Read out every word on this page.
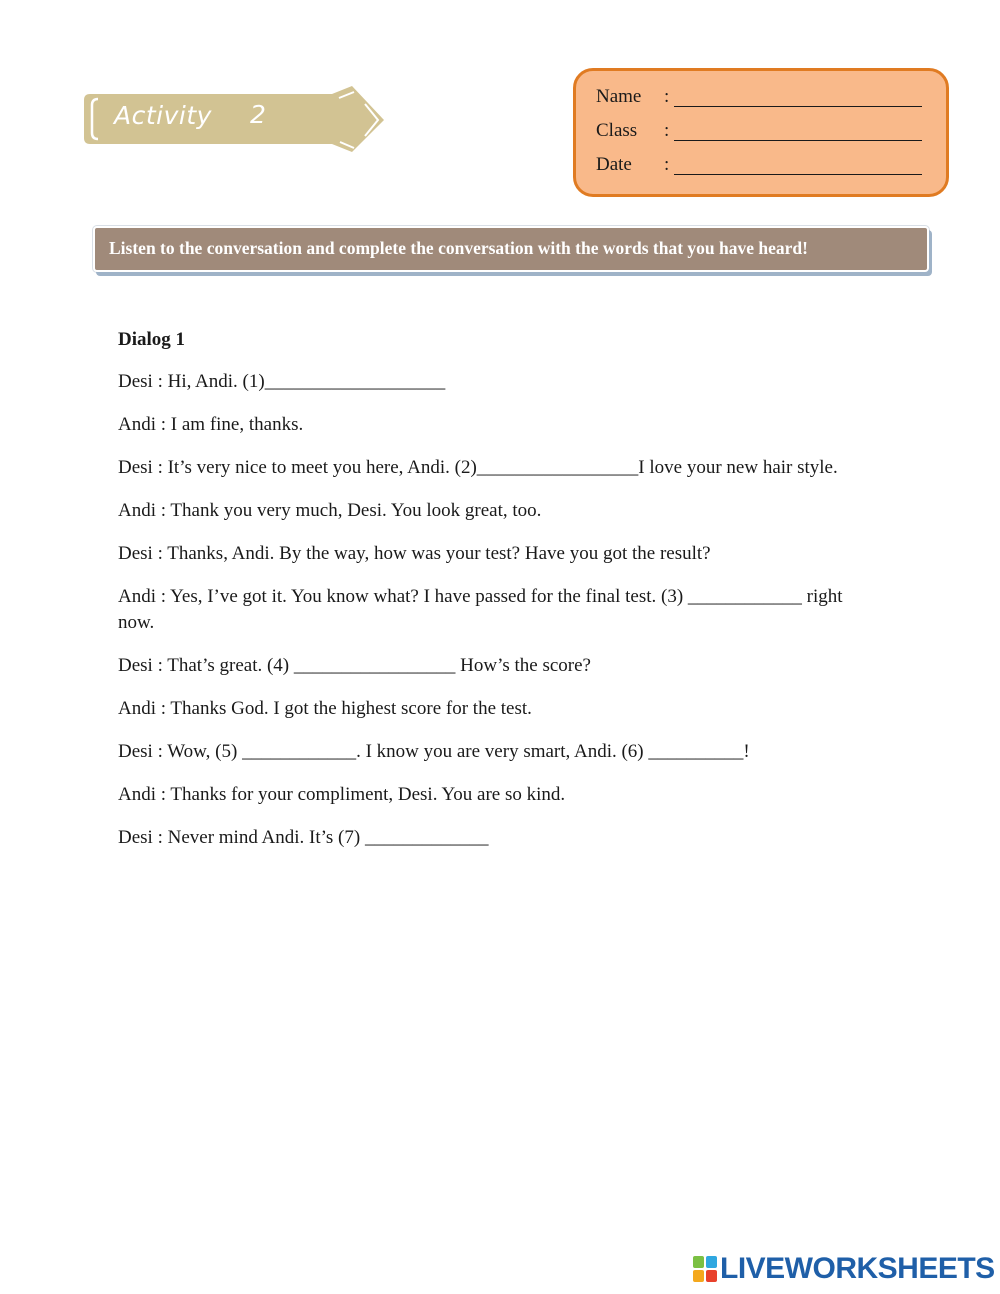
Activity 2
Name :
Class :
Date :
Listen to the conversation and complete the conversation with the words that you have heard!

Dialog 1

Desi : Hi, Andi. (1)___________________

Andi : I am fine, thanks.

Desi : It’s very nice to meet you here, Andi. (2)_________________I love your new hair style.

Andi : Thank you very much, Desi. You look great, too.

Desi : Thanks, Andi. By the way, how was your test? Have you got the result?

Andi : Yes, I’ve got it. You know what? I have passed for the final test. (3) ____________ right now.

Desi : That’s great. (4) _________________ How’s the score?

Andi : Thanks God. I got the highest score for the test.

Desi : Wow, (5) ____________. I know you are very smart, Andi. (6) __________!

Andi : Thanks for your compliment, Desi. You are so kind.

Desi : Never mind Andi. It’s (7) _____________

LIVEWORKSHEETS
